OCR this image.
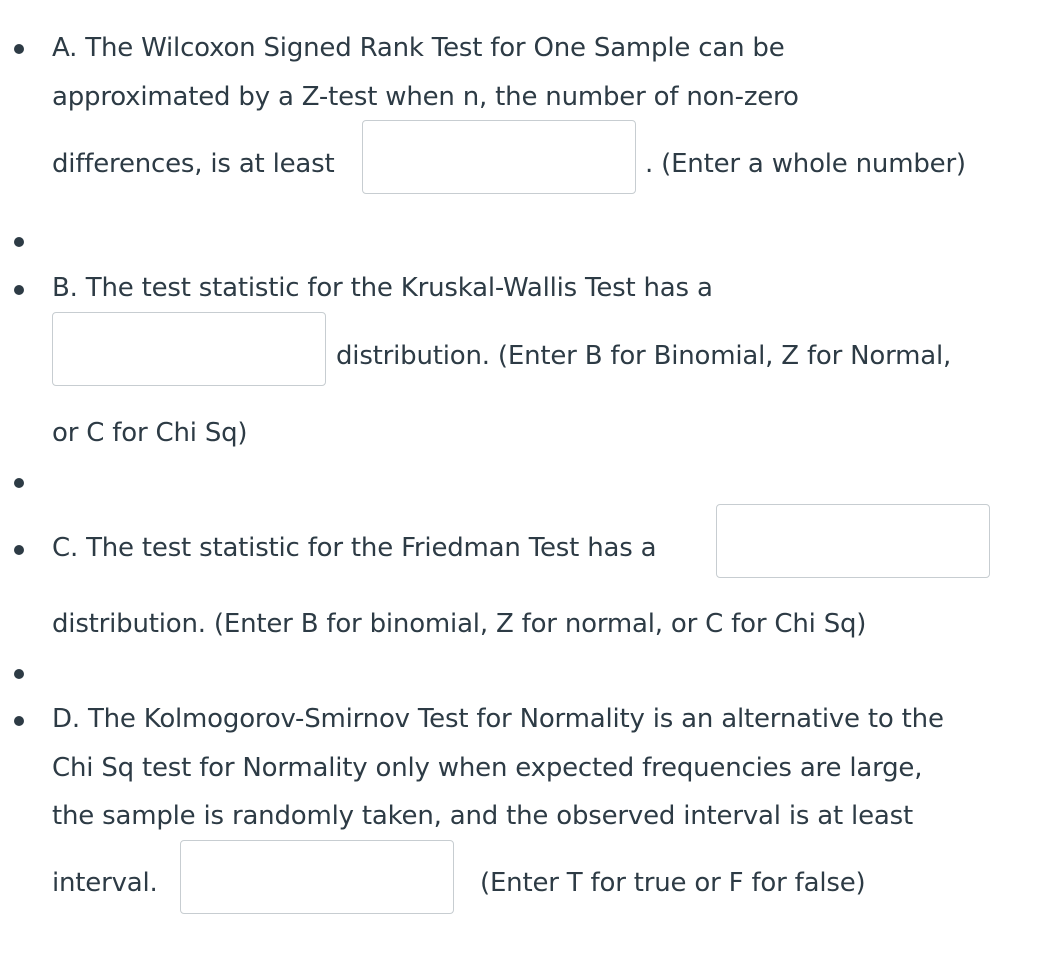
A. The Wilcoxon Signed Rank Test for One Sample can be
approximated by a Z-test when n, the number of non-zero
differences, is at least	. (Enter a whole number)
B. The test statistic for the Kruskal-Wallis Test has a
distribution. (Enter B for Binomial, Z for Normal,
or C for Chi Sq)
C. The test statistic for the Friedman Test has a
distribution. (Enter B for binomial, Z for normal, or C for Chi Sq)
D. The Kolmogorov-Smirnov Test for Normality is an alternative to the
Chi Sq test for Normality only when expected frequencies are large,
the sample is randomly taken, and the observed interval is at least
interval.	(Enter T for true or F for false)
